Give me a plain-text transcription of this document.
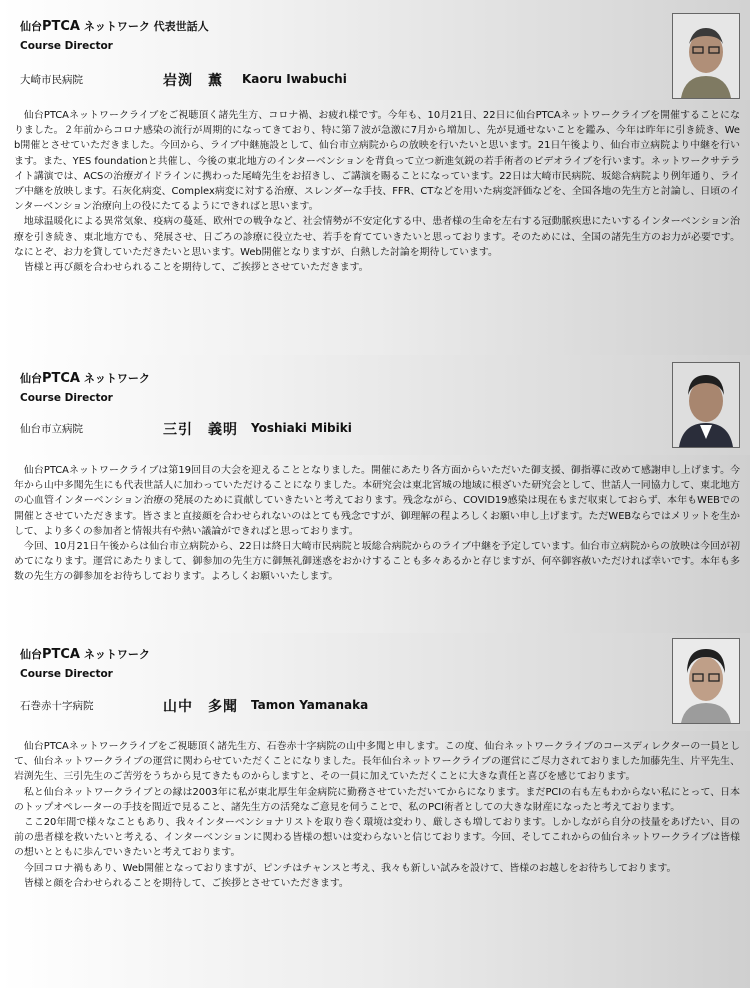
仙台PTCA ネットワーク 代表世話人
Course Director
大崎市民病院	岩渕　薫 Kaoru Iwabuchi

仙台PTCAネットワークライブをご視聴頂く諸先生方、コロナ禍、お疲れ様です。今年も、10月21日、22日に仙台PTCAネットワークライブを開催することになりました。２年前からコロナ感染の流行が周期的になってきており、特に第７波が急激に7月から増加し、先が見通せないことを鑑み、今年は昨年に引き続き、Web開催とさせていただきました。今回から、ライブ中継施設として、仙台市立病院からの放映を行いたいと思います。21日午後より、仙台市立病院より中継を行います。また、YES foundationと共催し、今後の東北地方のインターベンションを背負って立つ新進気鋭の若手術者のビデオライブを行います。ネットワークサテライト講演では、ACSの治療ガイドラインに携わった尾崎先生をお招きし、ご講演を賜ることになっています。22日は大崎市民病院、坂総合病院より例年通り、ライブ中継を放映します。石灰化病変、Complex病変に対する治療、スレンダーな手技、FFR、CTなどを用いた病変評価などを、全国各地の先生方と討論し、日頃のインターベンション治療向上の役にたてるようにできればと思います。

地球温暖化による異常気象、疫病の蔓延、欧州での戦争など、社会情勢が不安定化する中、患者様の生命を左右する冠動脈疾患にたいするインターベンション治療を引き続き、東北地方でも、発展させ、日ごろの診療に役立たせ、若手を育てていきたいと思っております。そのためには、全国の諸先生方のお力が必要です。なにとぞ、お力を貸していただきたいと思います。Web開催となりますが、白熱した討論を期待しています。

皆様と再び顔を合わせられることを期待して、ご挨拶とさせていただきます。

仙台PTCA ネットワーク
Course Director
仙台市立病院	三引　義明 Yoshiaki Mibiki

仙台PTCAネットワークライブは第19回目の大会を迎えることとなりました。開催にあたり各方面からいただいた御支援、御指導に改めて感謝申し上げます。今年から山中多聞先生にも代表世話人に加わっていただけることになりました。本研究会は東北宮城の地域に根ざいた研究会として、世話人一同協力して、東北地方の心血管インターベンション治療の発展のために貢献していきたいと考えております。残念ながら、COVID19感染は現在もまだ収束しておらず、本年もWEBでの開催とさせていただきます。皆さまと直接顔を合わせられないのはとても残念ですが、御理解の程よろしくお願い申し上げます。ただWEBならではメリットを生かして、より多くの参加者と情報共有や熱い議論ができればと思っております。

今回、10月21日午後からは仙台市立病院から、22日は終日大崎市民病院と坂総合病院からのライブ中継を予定しています。仙台市立病院からの放映は今回が初めてになります。運営にあたりまして、御参加の先生方に御無礼御迷惑をおかけすることも多々あるかと存じますが、何卒御容赦いただければ幸いです。本年も多数の先生方の御参加をお待ちしております。よろしくお願いいたします。

仙台PTCA ネットワーク
Course Director
石巻赤十字病院	山中　多聞 Tamon Yamanaka

仙台PTCAネットワークライブをご視聴頂く諸先生方、石巻赤十字病院の山中多聞と申します。この度、仙台ネットワークライブのコースディレクターの一員として、仙台ネットワークライブの運営に関わらせていただくことになりました。長年仙台ネットワークライブの運営にご尽力されておりました加藤先生、片平先生、岩渕先生、三引先生のご苦労をうちから見てきたものからしますと、その一員に加えていただくことに大きな責任と喜びを感じております。

私と仙台ネットワークライブとの縁は2003年に私が東北厚生年金病院に勤務させていただいてからになります。まだPCIの右も左もわからない私にとって、日本のトップオペレーターの手技を間近で見ること、諸先生方の活発なご意見を伺うことで、私のPCI術者としての大きな財産になったと考えております。

ここ20年間で様々なこともあり、我々インターベンショナリストを取り巻く環境は変わり、厳しさも増しております。しかしながら自分の技量をあげたい、目の前の患者様を救いたいと考える、インターベンションに関わる皆様の想いは変わらないと信じております。今回、そしてこれからの仙台ネットワークライブは皆様の想いとともに歩んでいきたいと考えております。

今回コロナ禍もあり、Web開催となっておりますが、ピンチはチャンスと考え、我々も新しい試みを設けて、皆様のお越しをお待ちしております。

皆様と顔を合わせられることを期待して、ご挨拶とさせていただきます。
